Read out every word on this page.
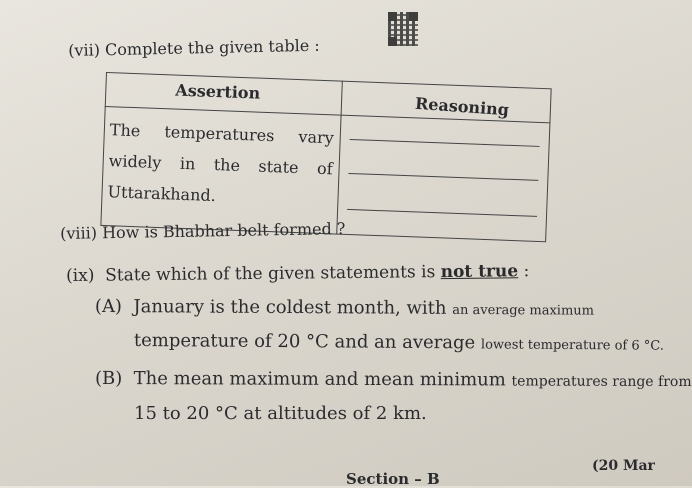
(vii) Complete the given table :
Assertion
Reasoning
The temperatures vary widely in the state of Uttarakhand.
(viii) How is Bhabhar belt formed ?
(ix) State which of the given statements is not true :
(A) January is the coldest month, with an average maximum
temperature of 20 °C and an average lowest temperature of 6 °C.
(B) The mean maximum and mean minimum temperatures range from
15 to 20 °C at altitudes of 2 km.
Section – B
(20 Mar
